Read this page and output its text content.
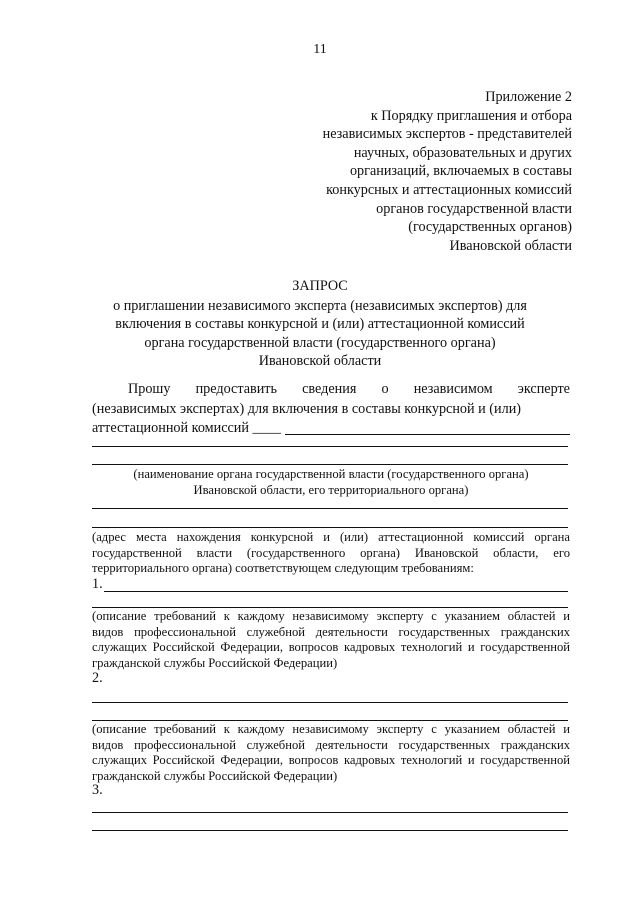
11
Приложение 2
к Порядку приглашения и отбора
независимых экспертов - представителей
научных, образовательных и других
организаций, включаемых в составы
конкурсных и аттестационных комиссий
органов государственной власти
(государственных органов)
Ивановской области
ЗАПРОС
о приглашении независимого эксперта (независимых экспертов) для
включения в составы конкурсной и (или) аттестационной комиссий
органа государственной власти (государственного органа)
Ивановской области
Прошу предоставить сведения о независимом эксперте
(независимых экспертах) для включения в составы конкурсной и (или)
аттестационной комиссий ____
(наименование органа государственной власти (государственного органа)
Ивановской области, его территориального органа)
(адрес места нахождения конкурсной и (или) аттестационной комиссий органа
государственной власти (государственного органа) Ивановской области, его
территориального органа) соответствующем следующим требованиям:
1.
(описание требований к каждому независимому эксперту с указанием областей и
видов профессиональной служебной деятельности государственных гражданских
служащих Российской Федерации, вопросов кадровых технологий и государственной
гражданской службы Российской Федерации)
2.
(описание требований к каждому независимому эксперту с указанием областей и
видов профессиональной служебной деятельности государственных гражданских
служащих Российской Федерации, вопросов кадровых технологий и государственной
гражданской службы Российской Федерации)
3.
